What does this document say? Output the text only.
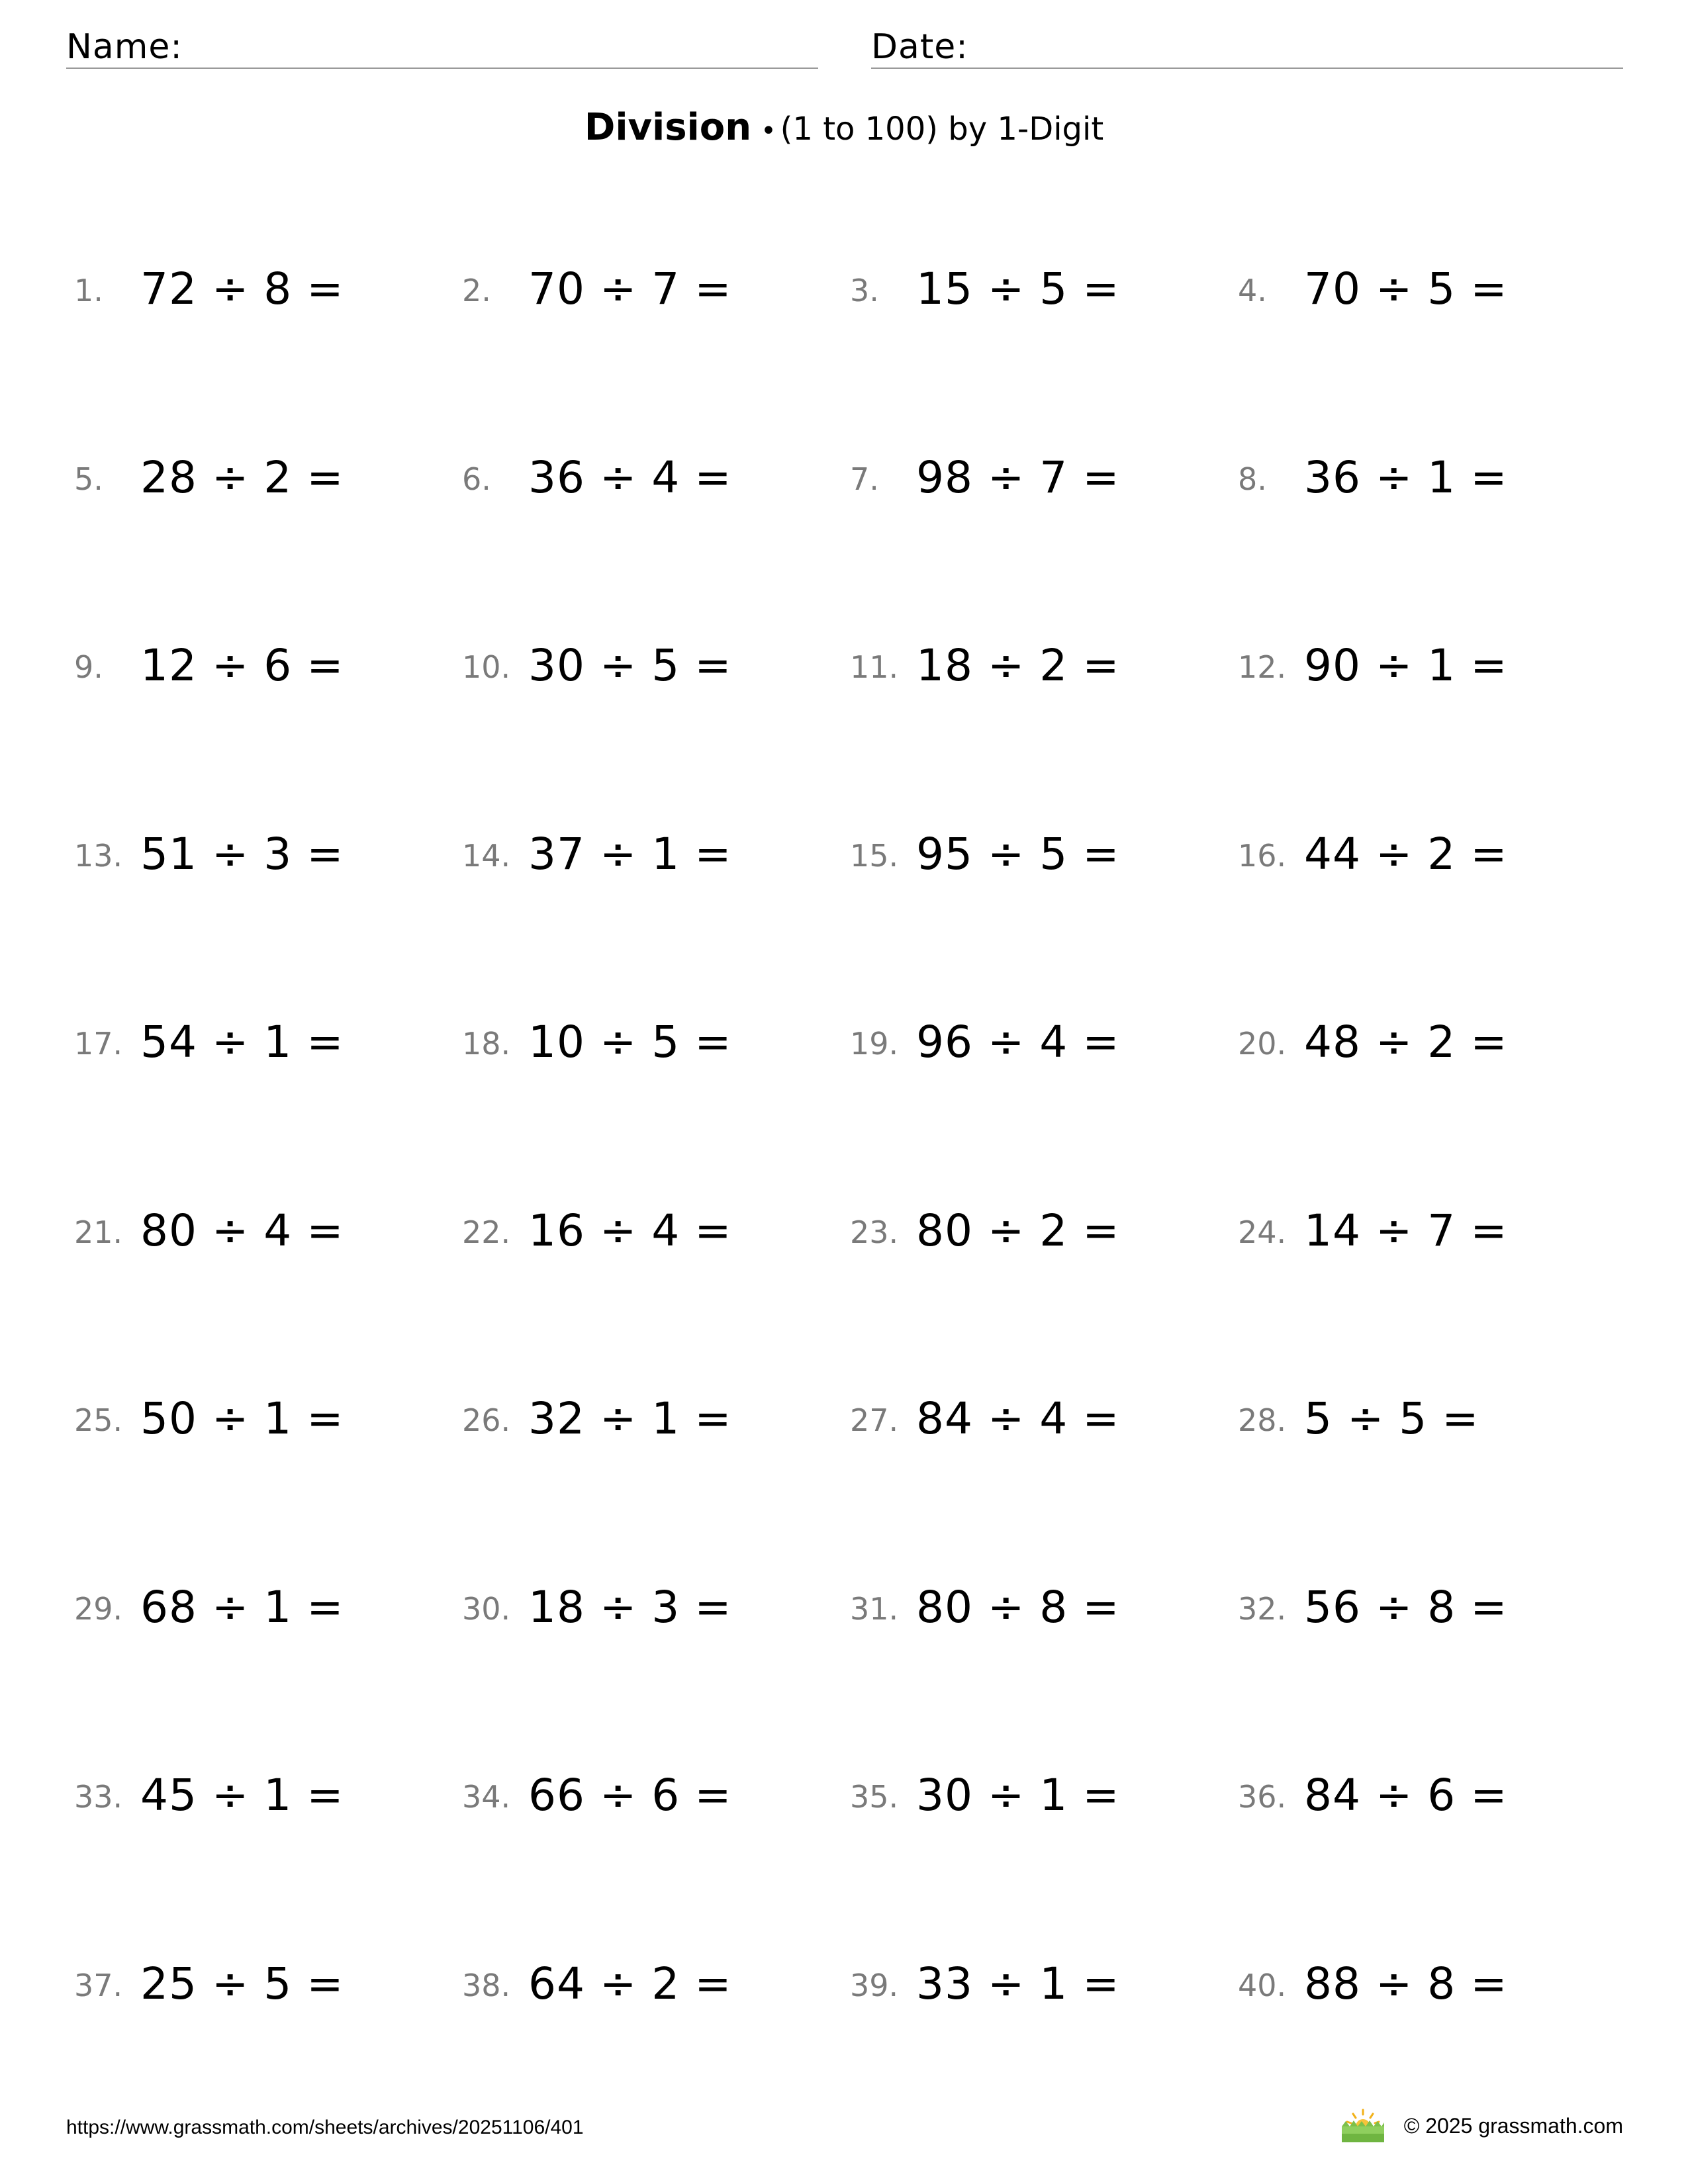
Name:	Date:
Division • (1 to 100) by 1-Digit
1. 72 ÷ 8 =	2. 70 ÷ 7 =	3. 15 ÷ 5 =	4. 70 ÷ 5 =
5. 28 ÷ 2 =	6. 36 ÷ 4 =	7. 98 ÷ 7 =	8. 36 ÷ 1 =
9. 12 ÷ 6 =	10. 30 ÷ 5 =	11. 18 ÷ 2 =	12. 90 ÷ 1 =
13. 51 ÷ 3 =	14. 37 ÷ 1 =	15. 95 ÷ 5 =	16. 44 ÷ 2 =
17. 54 ÷ 1 =	18. 10 ÷ 5 =	19. 96 ÷ 4 =	20. 48 ÷ 2 =
21. 80 ÷ 4 =	22. 16 ÷ 4 =	23. 80 ÷ 2 =	24. 14 ÷ 7 =
25. 50 ÷ 1 =	26. 32 ÷ 1 =	27. 84 ÷ 4 =	28. 5 ÷ 5 =
29. 68 ÷ 1 =	30. 18 ÷ 3 =	31. 80 ÷ 8 =	32. 56 ÷ 8 =
33. 45 ÷ 1 =	34. 66 ÷ 6 =	35. 30 ÷ 1 =	36. 84 ÷ 6 =
37. 25 ÷ 5 =	38. 64 ÷ 2 =	39. 33 ÷ 1 =	40. 88 ÷ 8 =
https://www.grassmath.com/sheets/archives/20251106/401	© 2025 grassmath.com
